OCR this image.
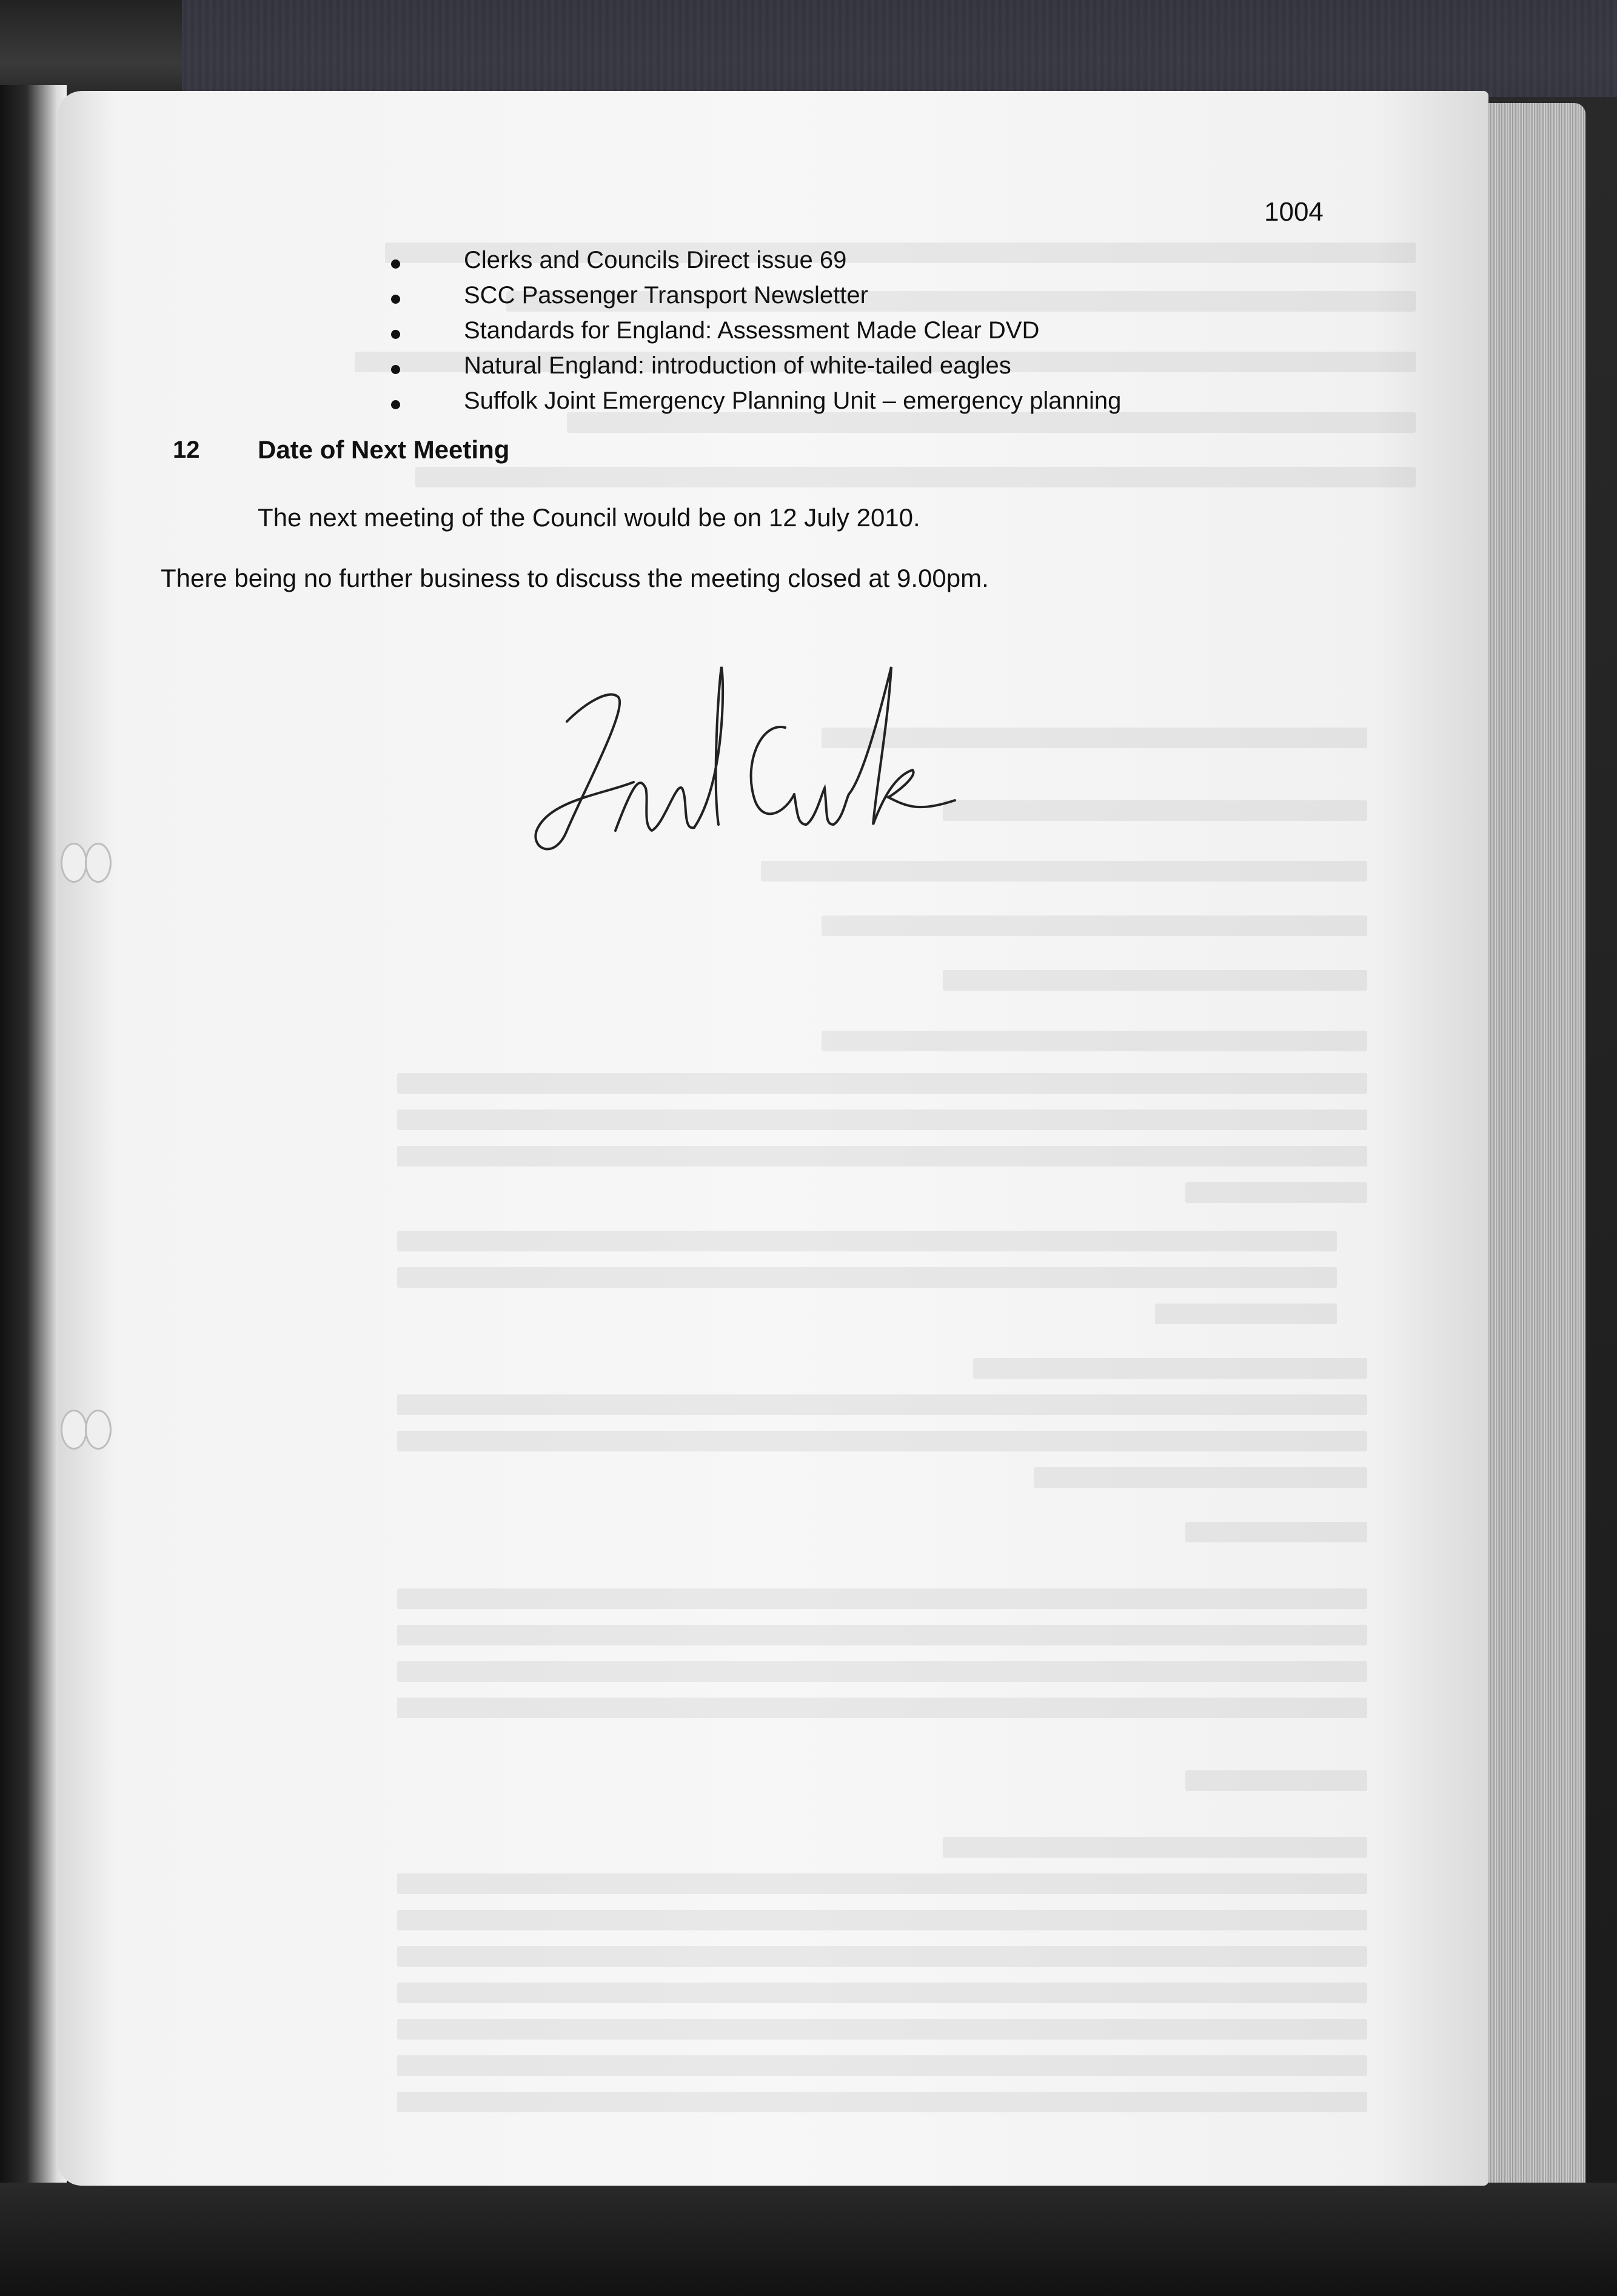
1004
Clerks and Councils Direct issue 69
SCC Passenger Transport Newsletter
Standards for England: Assessment Made Clear DVD
Natural England: introduction of white-tailed eagles
Suffolk Joint Emergency Planning Unit – emergency planning
12 Date of Next Meeting
The next meeting of the Council would be on 12 July 2010.
There being no further business to discuss the meeting closed at 9.00pm.
